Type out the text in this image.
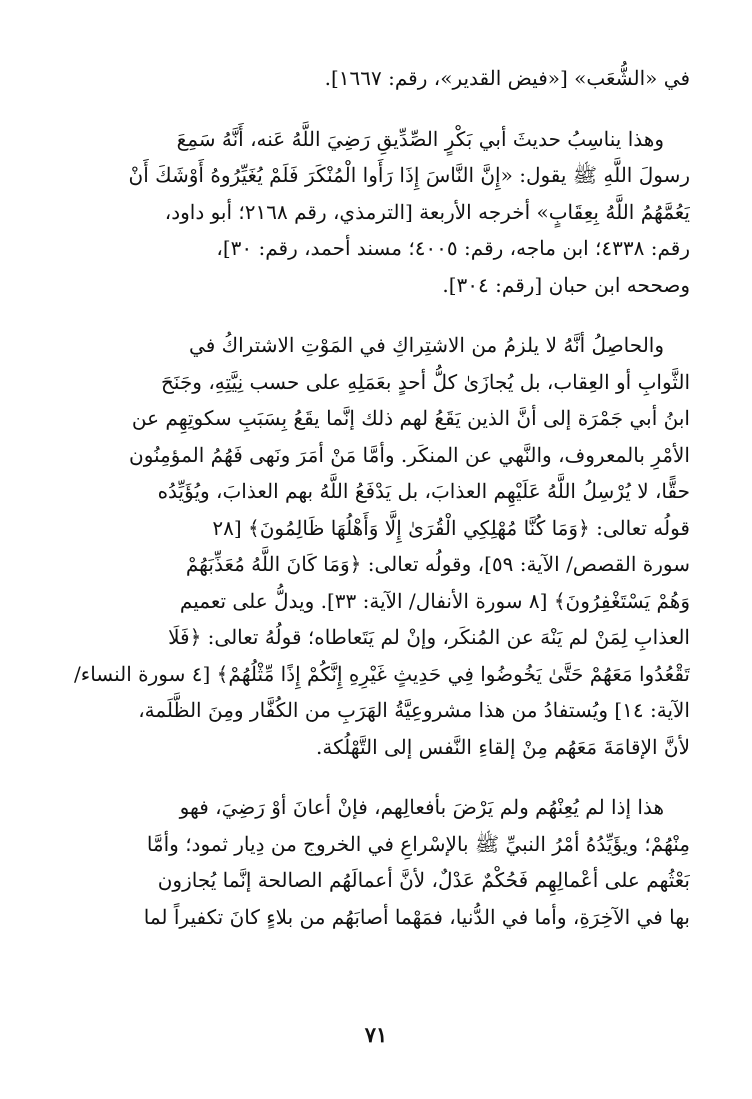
في «الشُّعَب» [«فيض القدير»، رقم: ١٦٦٧].
وهذا يناسِبُ حديثَ أبي بَكْرٍ الصِّدِّيقِ رَضِيَ اللَّهُ عَنه، أَنَّهُ سَمِعَ
رسولَ اللَّهِ ﷺ يقول: «إِنَّ النَّاسَ إِذَا رَأَوا الْمُنْكَرَ فَلَمْ يُغَيِّرُوهُ أَوْشَكَ أَنْ
يَعُمَّهُمُ اللَّهُ بِعِقَابٍ» أخرجه الأربعة [الترمذي، رقم ٢١٦٨؛ أبو داود،
رقم: ٤٣٣٨؛ ابن ماجه، رقم: ٤٠٠٥؛ مسند أحمد، رقم: ٣٠]،
وصححه ابن حبان [رقم: ٣٠٤].
والحاصِلُ أنَّهُ لا يلزمُ من الاشتِراكِ في المَوْتِ الاشتراكُ في
الثَّوابِ أو العِقاب، بل يُجازَىٰ كلُّ أحدٍ بعَمَلِهِ على حسب نِيَّتِهِ، وجَنَحَ
ابنُ أبي جَمْرَة إلى أنَّ الذين يَقَعُ لهم ذلك إنَّما يقَعُ بِسَبَبِ سكوتِهِم عن
الأمْرِ بالمعروف، والنَّهي عن المنكَر. وأمَّا مَنْ أمَرَ ونَهى فَهُمُ المؤمِنُون
حقًّا، لا يُرْسِلُ اللَّهُ عَلَيْهِم العذابَ، بل يَدْفَعُ اللَّهُ بهم العذابَ، ويُؤَيِّدُه
قولُه تعالى: ﴿وَمَا كُنَّا مُهْلِكِي الْقُرَىٰ إِلَّا وَأَهْلُهَا ظَالِمُونَ﴾ [٢٨
سورة القصص/ الآية: ٥٩]، وقولُه تعالى: ﴿وَمَا كَانَ اللَّهُ مُعَذِّبَهُمْ
وَهُمْ يَسْتَغْفِرُونَ﴾ [٨ سورة الأنفال/ الآية: ٣٣]. ويدلُّ على تعميم
العذابِ لِمَنْ لم يَنْهَ عن المُنكَر، وإنْ لم يَتَعاطاه؛ قولُهُ تعالى: ﴿فَلَا
تَقْعُدُوا مَعَهُمْ حَتَّىٰ يَخُوضُوا فِي حَدِيثٍ غَيْرِهِ إِنَّكُمْ إِذًا مِّثْلُهُمْ﴾ [٤ سورة النساء/
الآية: ١٤] ويُستفادُ من هذا مشروعِيَّةُ الهَرَبِ من الكُفَّار ومِنَ الظَّلَمة،
لأنَّ الإقامَةَ مَعَهُم مِنْ إلقاءِ النَّفس إلى التَّهْلُكة.
هذا إذا لم يُعِنْهُم ولم يَرْضَ بأفعالِهم، فإنْ أعانَ أوْ رَضِيَ، فهو
مِنْهُمْ؛ ويؤَيِّدُهُ أمْرُ النبيِّ ﷺ بالإسْراعِ في الخروج من دِيار ثمود؛ وأمَّا
بَعْثُهم على أعْمالِهِم فَحُكْمٌ عَدْلٌ، لأنَّ أعمالَهُم الصالحة إنَّما يُجازون
بها في الآخِرَةِ، وأما في الدُّنيا، فمَهْما أصابَهُم من بلاءٍ كانَ تكفيراً لما
٧١
